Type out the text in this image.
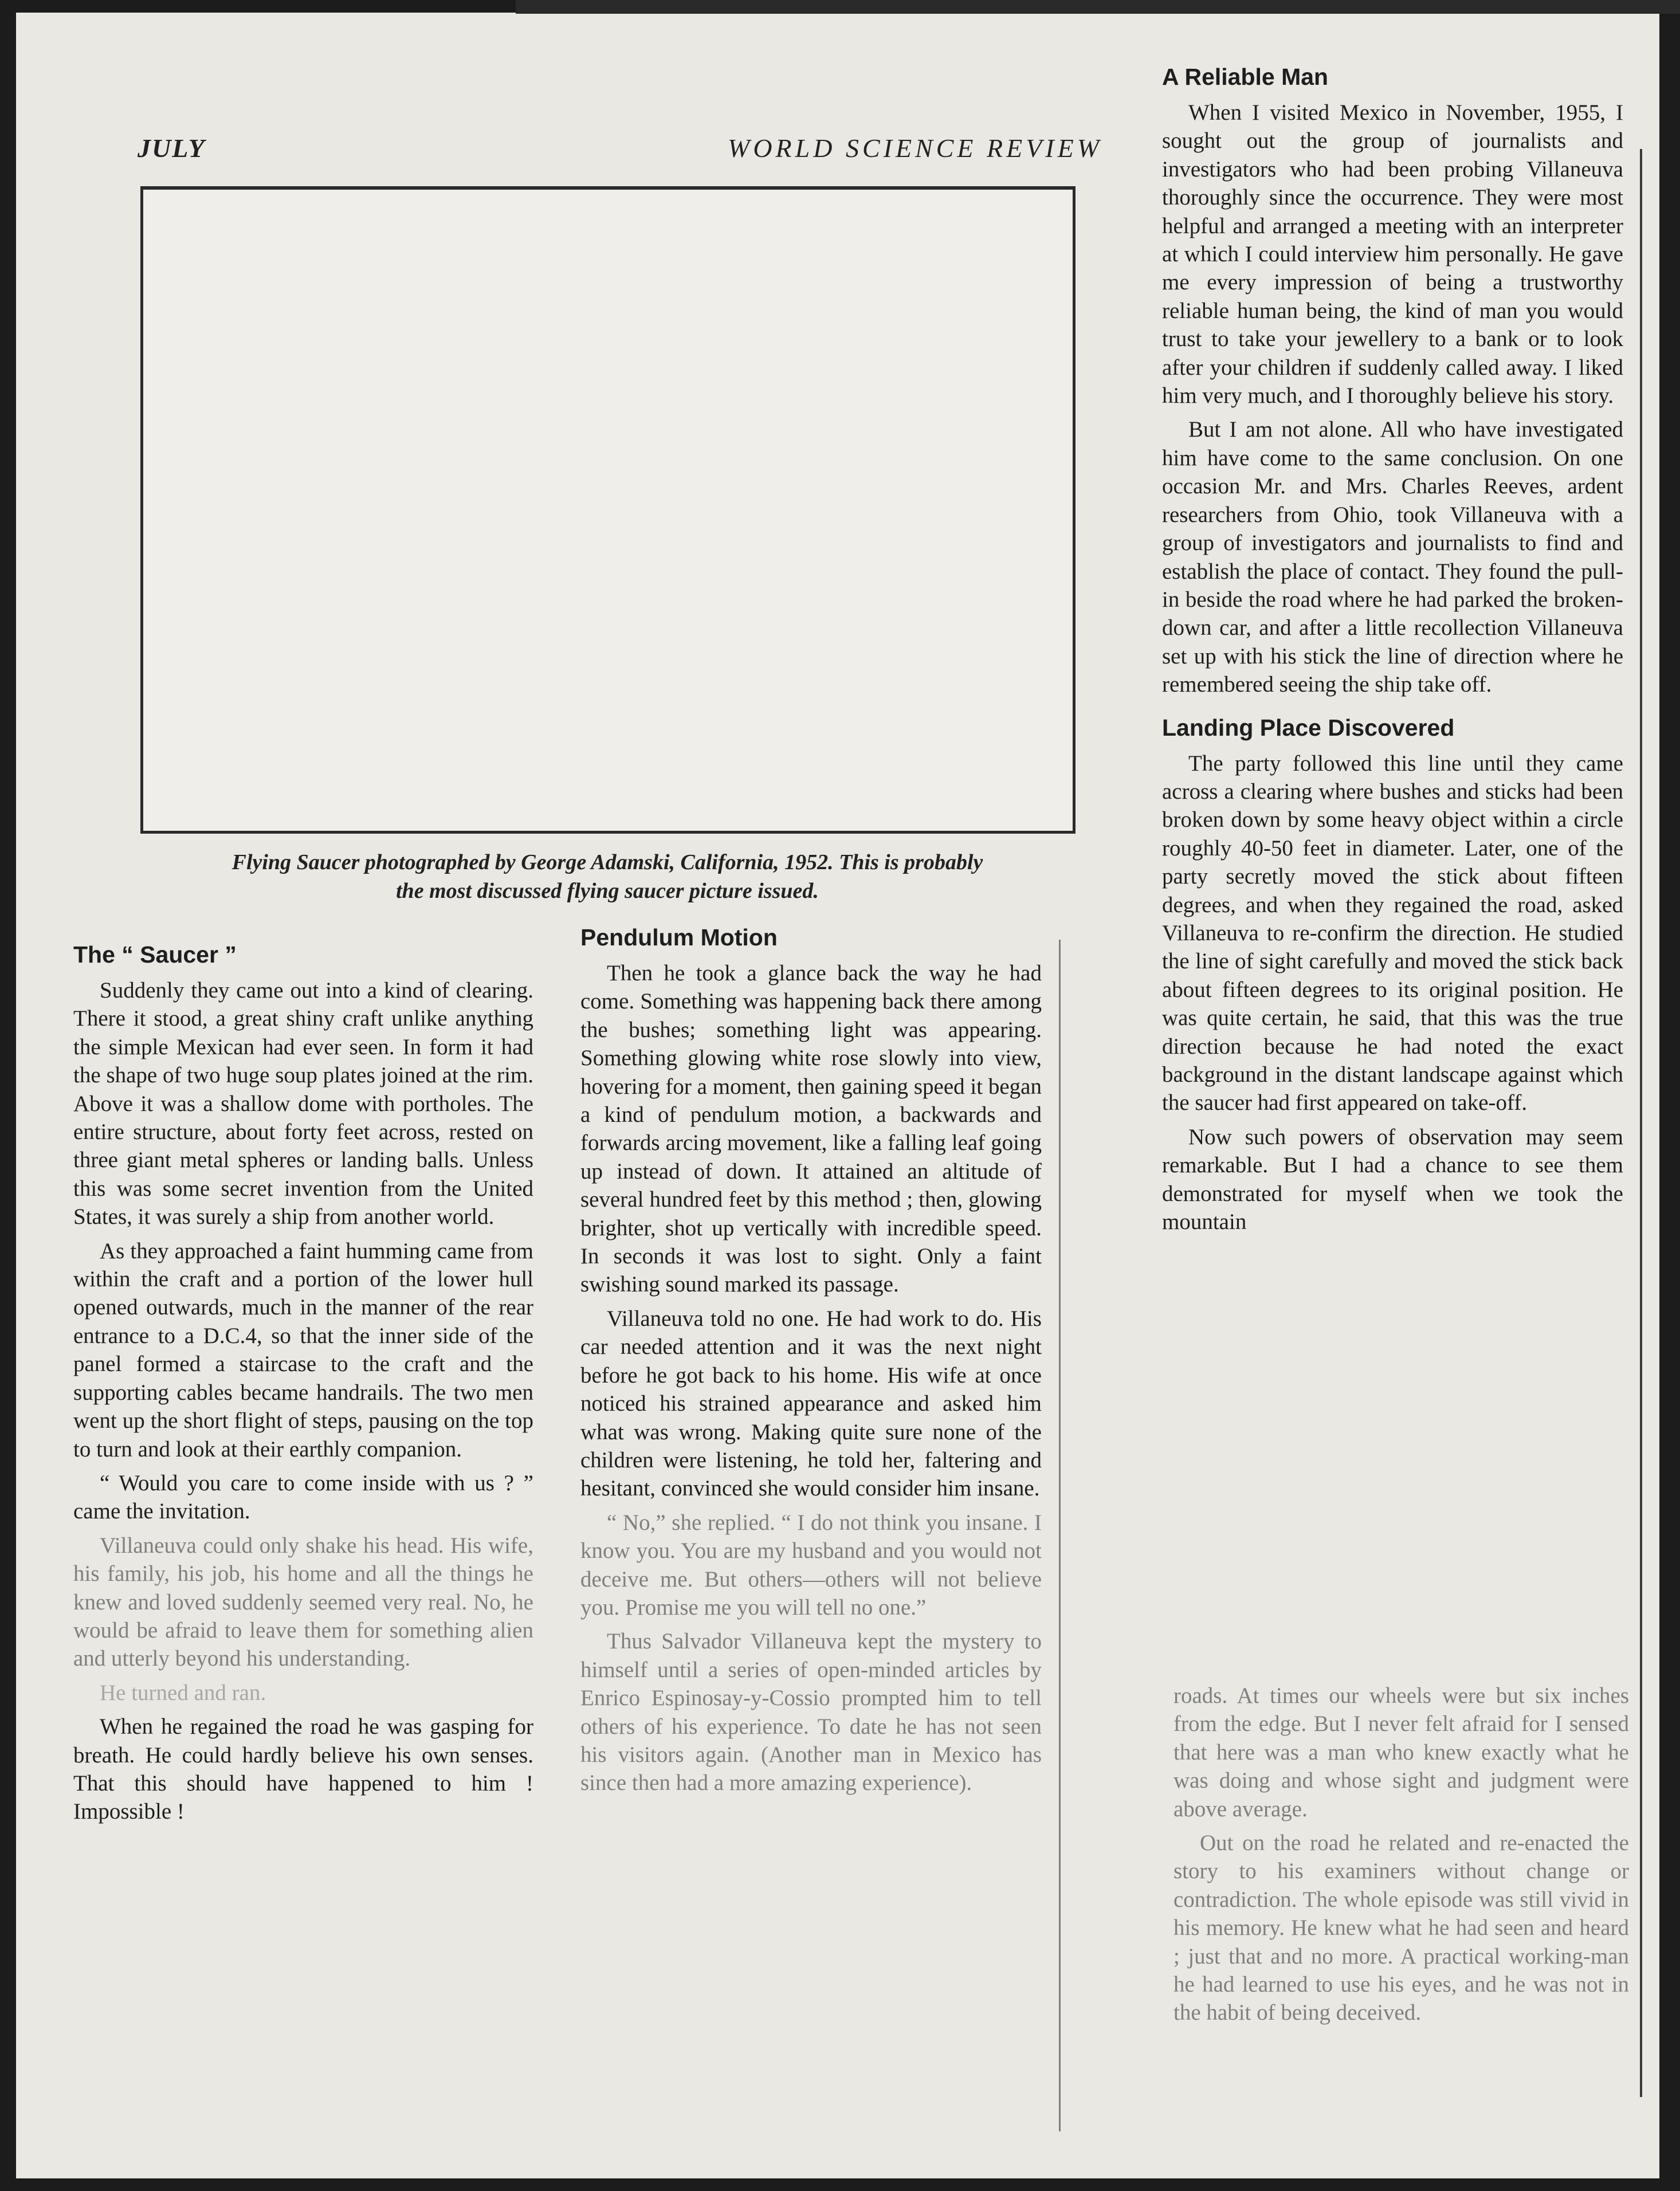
JULY	WORLD SCIENCE REVIEW
Flying Saucer photographed by George Adamski, California, 1952. This is probably
the most discussed flying saucer picture issued.
The “ Saucer ”

Suddenly they came out into a kind of clearing. There it stood, a great shiny craft unlike anything the simple Mexican had ever seen. In form it had the shape of two huge soup plates joined at the rim. Above it was a shallow dome with portholes. The entire structure, about forty feet across, rested on three giant metal spheres or landing balls. Unless this was some secret invention from the United States, it was surely a ship from another world.

As they approached a faint humming came from within the craft and a portion of the lower hull opened outwards, much in the manner of the rear entrance to a D.C.4, so that the inner side of the panel formed a staircase to the craft and the supporting cables became handrails. The two men went up the short flight of steps, pausing on the top to turn and look at their earthly companion.

“ Would you care to come inside with us ? ” came the invitation.

Villaneuva could only shake his head. His wife, his family, his job, his home and all the things he knew and loved suddenly seemed very real. No, he would be afraid to leave them for something alien and utterly beyond his understanding.

He turned and ran.

When he regained the road he was gasping for breath. He could hardly believe his own senses. That this should have happened to him ! Impossible !

Pendulum Motion

Then he took a glance back the way he had come. Something was happening back there among the bushes; something light was appearing. Something glowing white rose slowly into view, hovering for a moment, then gaining speed it began a kind of pendulum motion, a backwards and forwards arcing movement, like a falling leaf going up instead of down. It attained an altitude of several hundred feet by this method ; then, glowing brighter, shot up vertically with incredible speed. In seconds it was lost to sight. Only a faint swishing sound marked its passage.

Villaneuva told no one. He had work to do. His car needed attention and it was the next night before he got back to his home. His wife at once noticed his strained appearance and asked him what was wrong. Making quite sure none of the children were listening, he told her, faltering and hesitant, convinced she would consider him insane.

“ No,” she replied. “ I do not think you insane. I know you. You are my husband and you would not deceive me. But others—others will not believe you. Promise me you will tell no one.”

Thus Salvador Villaneuva kept the mystery to himself until a series of open-minded articles by Enrico Espinosay-y-Cossio prompted him to tell others of his experience. To date he has not seen his visitors again. (Another man in Mexico has since then had a more amazing experience).

A Reliable Man

When I visited Mexico in November, 1955, I sought out the group of journalists and investigators who had been probing Villaneuva thoroughly since the occurrence. They were most helpful and arranged a meeting with an interpreter at which I could interview him personally. He gave me every impression of being a trustworthy reliable human being, the kind of man you would trust to take your jewellery to a bank or to look after your children if suddenly called away. I liked him very much, and I thoroughly believe his story.

But I am not alone. All who have investigated him have come to the same conclusion. On one occasion Mr. and Mrs. Charles Reeves, ardent researchers from Ohio, took Villaneuva with a group of investigators and journalists to find and establish the place of contact. They found the pull-in beside the road where he had parked the broken-down car, and after a little recollection Villaneuva set up with his stick the line of direction where he remembered seeing the ship take off.

Landing Place Discovered

The party followed this line until they came across a clearing where bushes and sticks had been broken down by some heavy object within a circle roughly 40-50 feet in diameter. Later, one of the party secretly moved the stick about fifteen degrees, and when they regained the road, asked Villaneuva to re-confirm the direction. He studied the line of sight carefully and moved the stick back about fifteen degrees to its original position. He was quite certain, he said, that this was the true direction because he had noted the exact background in the distant landscape against which the saucer had first appeared on take-off.

Now such powers of observation may seem remarkable. But I had a chance to see them demonstrated for myself when we took the mountain

roads. At times our wheels were but six inches from the edge. But I never felt afraid for I sensed that here was a man who knew exactly what he was doing and whose sight and judgment were above average.

Out on the road he related and re-enacted the story to his examiners without change or contradiction. The whole episode was still vivid in his memory. He knew what he had seen and heard ; just that and no more. A practical working-man he had learned to use his eyes, and he was not in the habit of being deceived.
